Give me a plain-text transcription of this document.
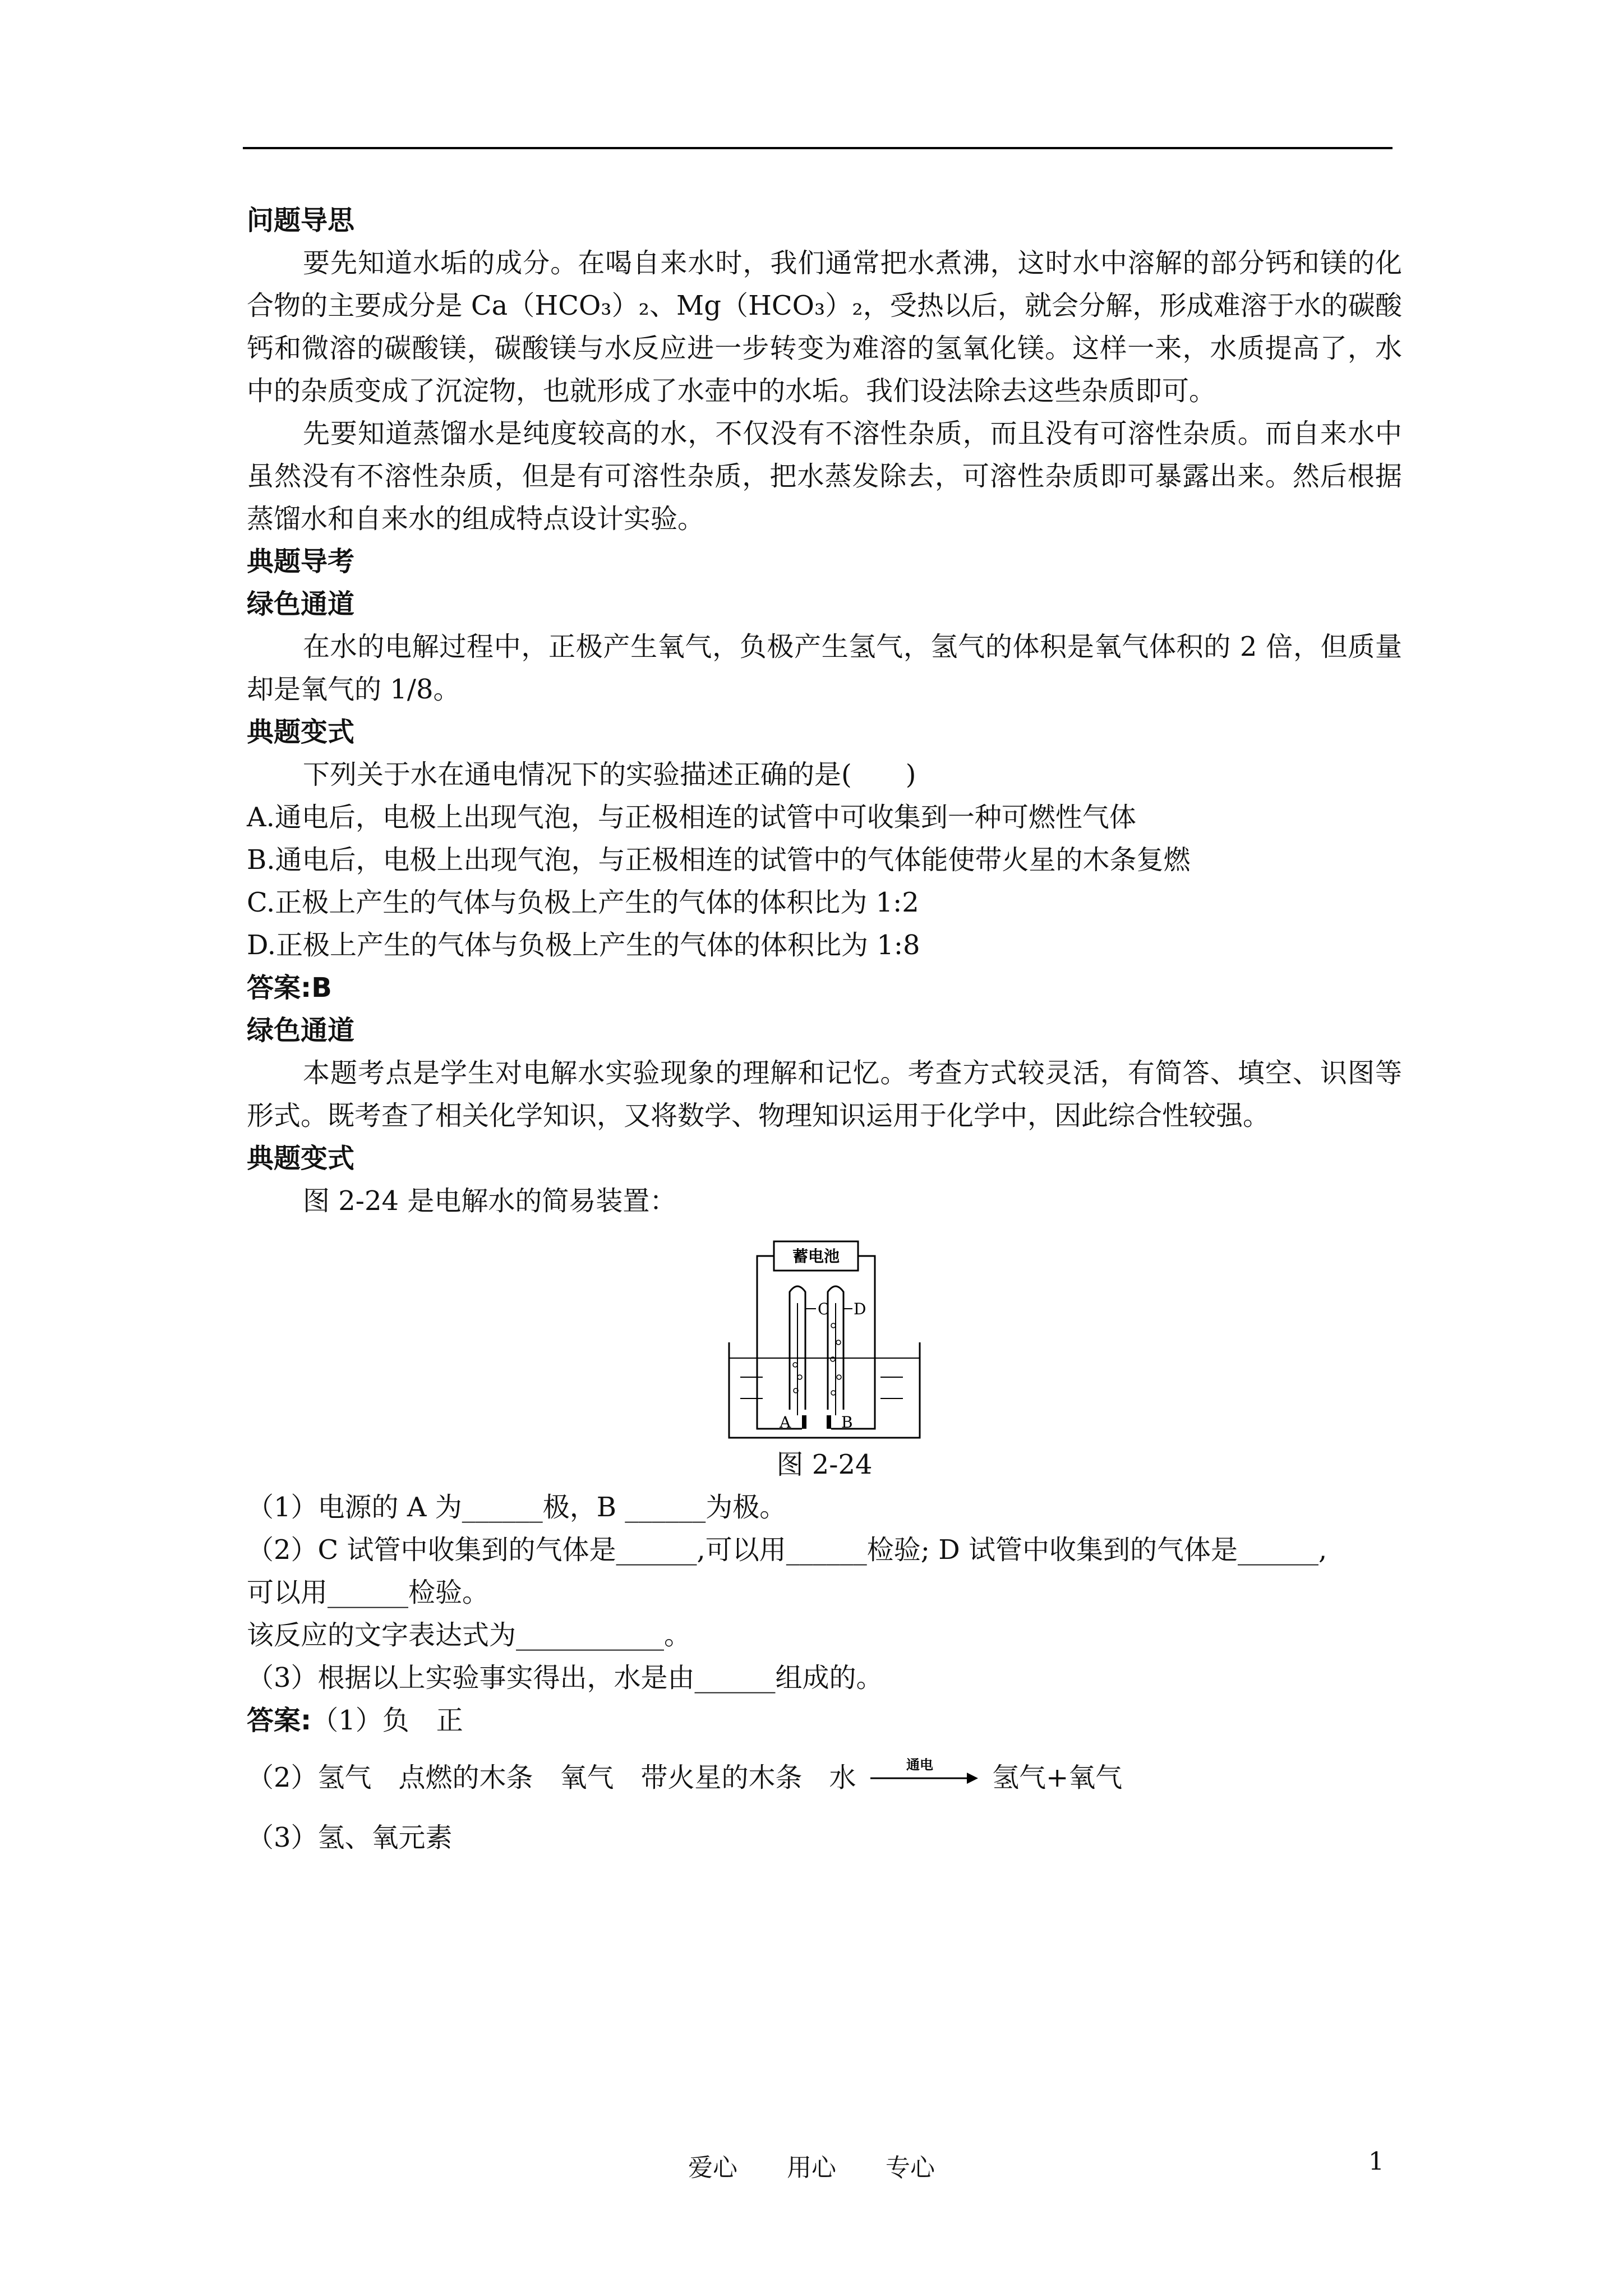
问题导思
要先知道水垢的成分。在喝自来水时，我们通常把水煮沸，这时水中溶解的部分钙和镁的化合物的主要成分是 Ca（HCO₃）₂、Mg（HCO₃）₂，受热以后，就会分解，形成难溶于水的碳酸钙和微溶的碳酸镁，碳酸镁与水反应进一步转变为难溶的氢氧化镁。这样一来，水质提高了，水中的杂质变成了沉淀物，也就形成了水壶中的水垢。我们设法除去这些杂质即可。
先要知道蒸馏水是纯度较高的水，不仅没有不溶性杂质，而且没有可溶性杂质。而自来水中虽然没有不溶性杂质，但是有可溶性杂质，把水蒸发除去，可溶性杂质即可暴露出来。然后根据蒸馏水和自来水的组成特点设计实验。
典题导考
绿色通道
在水的电解过程中，正极产生氧气，负极产生氢气，氢气的体积是氧气体积的 2 倍，但质量却是氧气的 1/8。
典题变式
下列关于水在通电情况下的实验描述正确的是(　　)
A.通电后，电极上出现气泡，与正极相连的试管中可收集到一种可燃性气体
B.通电后，电极上出现气泡，与正极相连的试管中的气体能使带火星的木条复燃
C.正极上产生的气体与负极上产生的气体的体积比为 1:2
D.正极上产生的气体与负极上产生的气体的体积比为 1:8
答案:B
绿色通道
本题考点是学生对电解水实验现象的理解和记忆。考查方式较灵活，有简答、填空、识图等形式。既考查了相关化学知识，又将数学、物理知识运用于化学中，因此综合性较强。
典题变式
图 2-24 是电解水的简易装置：
蓄电池
C D
A	B
图 2-24
（1）电源的 A 为______极，B ______为极。
（2）C 试管中收集到的气体是______,可以用______检验; D 试管中收集到的气体是______,
可以用______检验。
该反应的文字表达式为___________。
（3）根据以上实验事实得出，水是由______组成的。
答案:（1）负　正
（2）氢气　点燃的木条　氧气　带火星的木条　水	通电 氢气+氧气
（3）氢、氧元素
爱心　　用心　　专心	1
